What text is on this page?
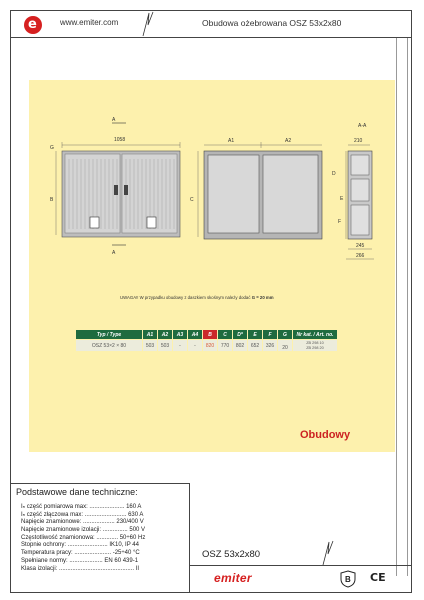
e	www.emiter.com	Obudowa ożebrowana OSZ 53x2x80
A
1058
G
B
A
A1	A2
C
A-A
210
D
E
F
245
266
UWAGA!! W przypadku obudowy z daszkiem skośnym należy dodać G = 20 mm
Typ / Type	A1	A2	A3	A4	B	C	D*	E	F	G	Nr kat. / Art. no.
OSZ 53×2 × 80	503	503	-	-	820	770	802	652	326	20	ZB 298 10
ZB 298 20
Obudowy
Podstawowe dane techniczne:
Iₙ część pomiarowa max: ..................... 160 A
Iₙ część złączowa max: ......................... 630 A
Napięcie znamionowe: ................... 230/400 V
Napięcie znamionowe izolacji: ............... 500 V
Częstotliwość znamionowa: ............. 50÷60 Hz
Stopnie ochrony: ........................ IK10, IP 44
Temperatura pracy: ...................... -25÷40 °C
Spełniane normy: .................... EN 60 439-1
Klasa izolacji: ............................................. II
OSZ 53x2x80
emiter	B CE
